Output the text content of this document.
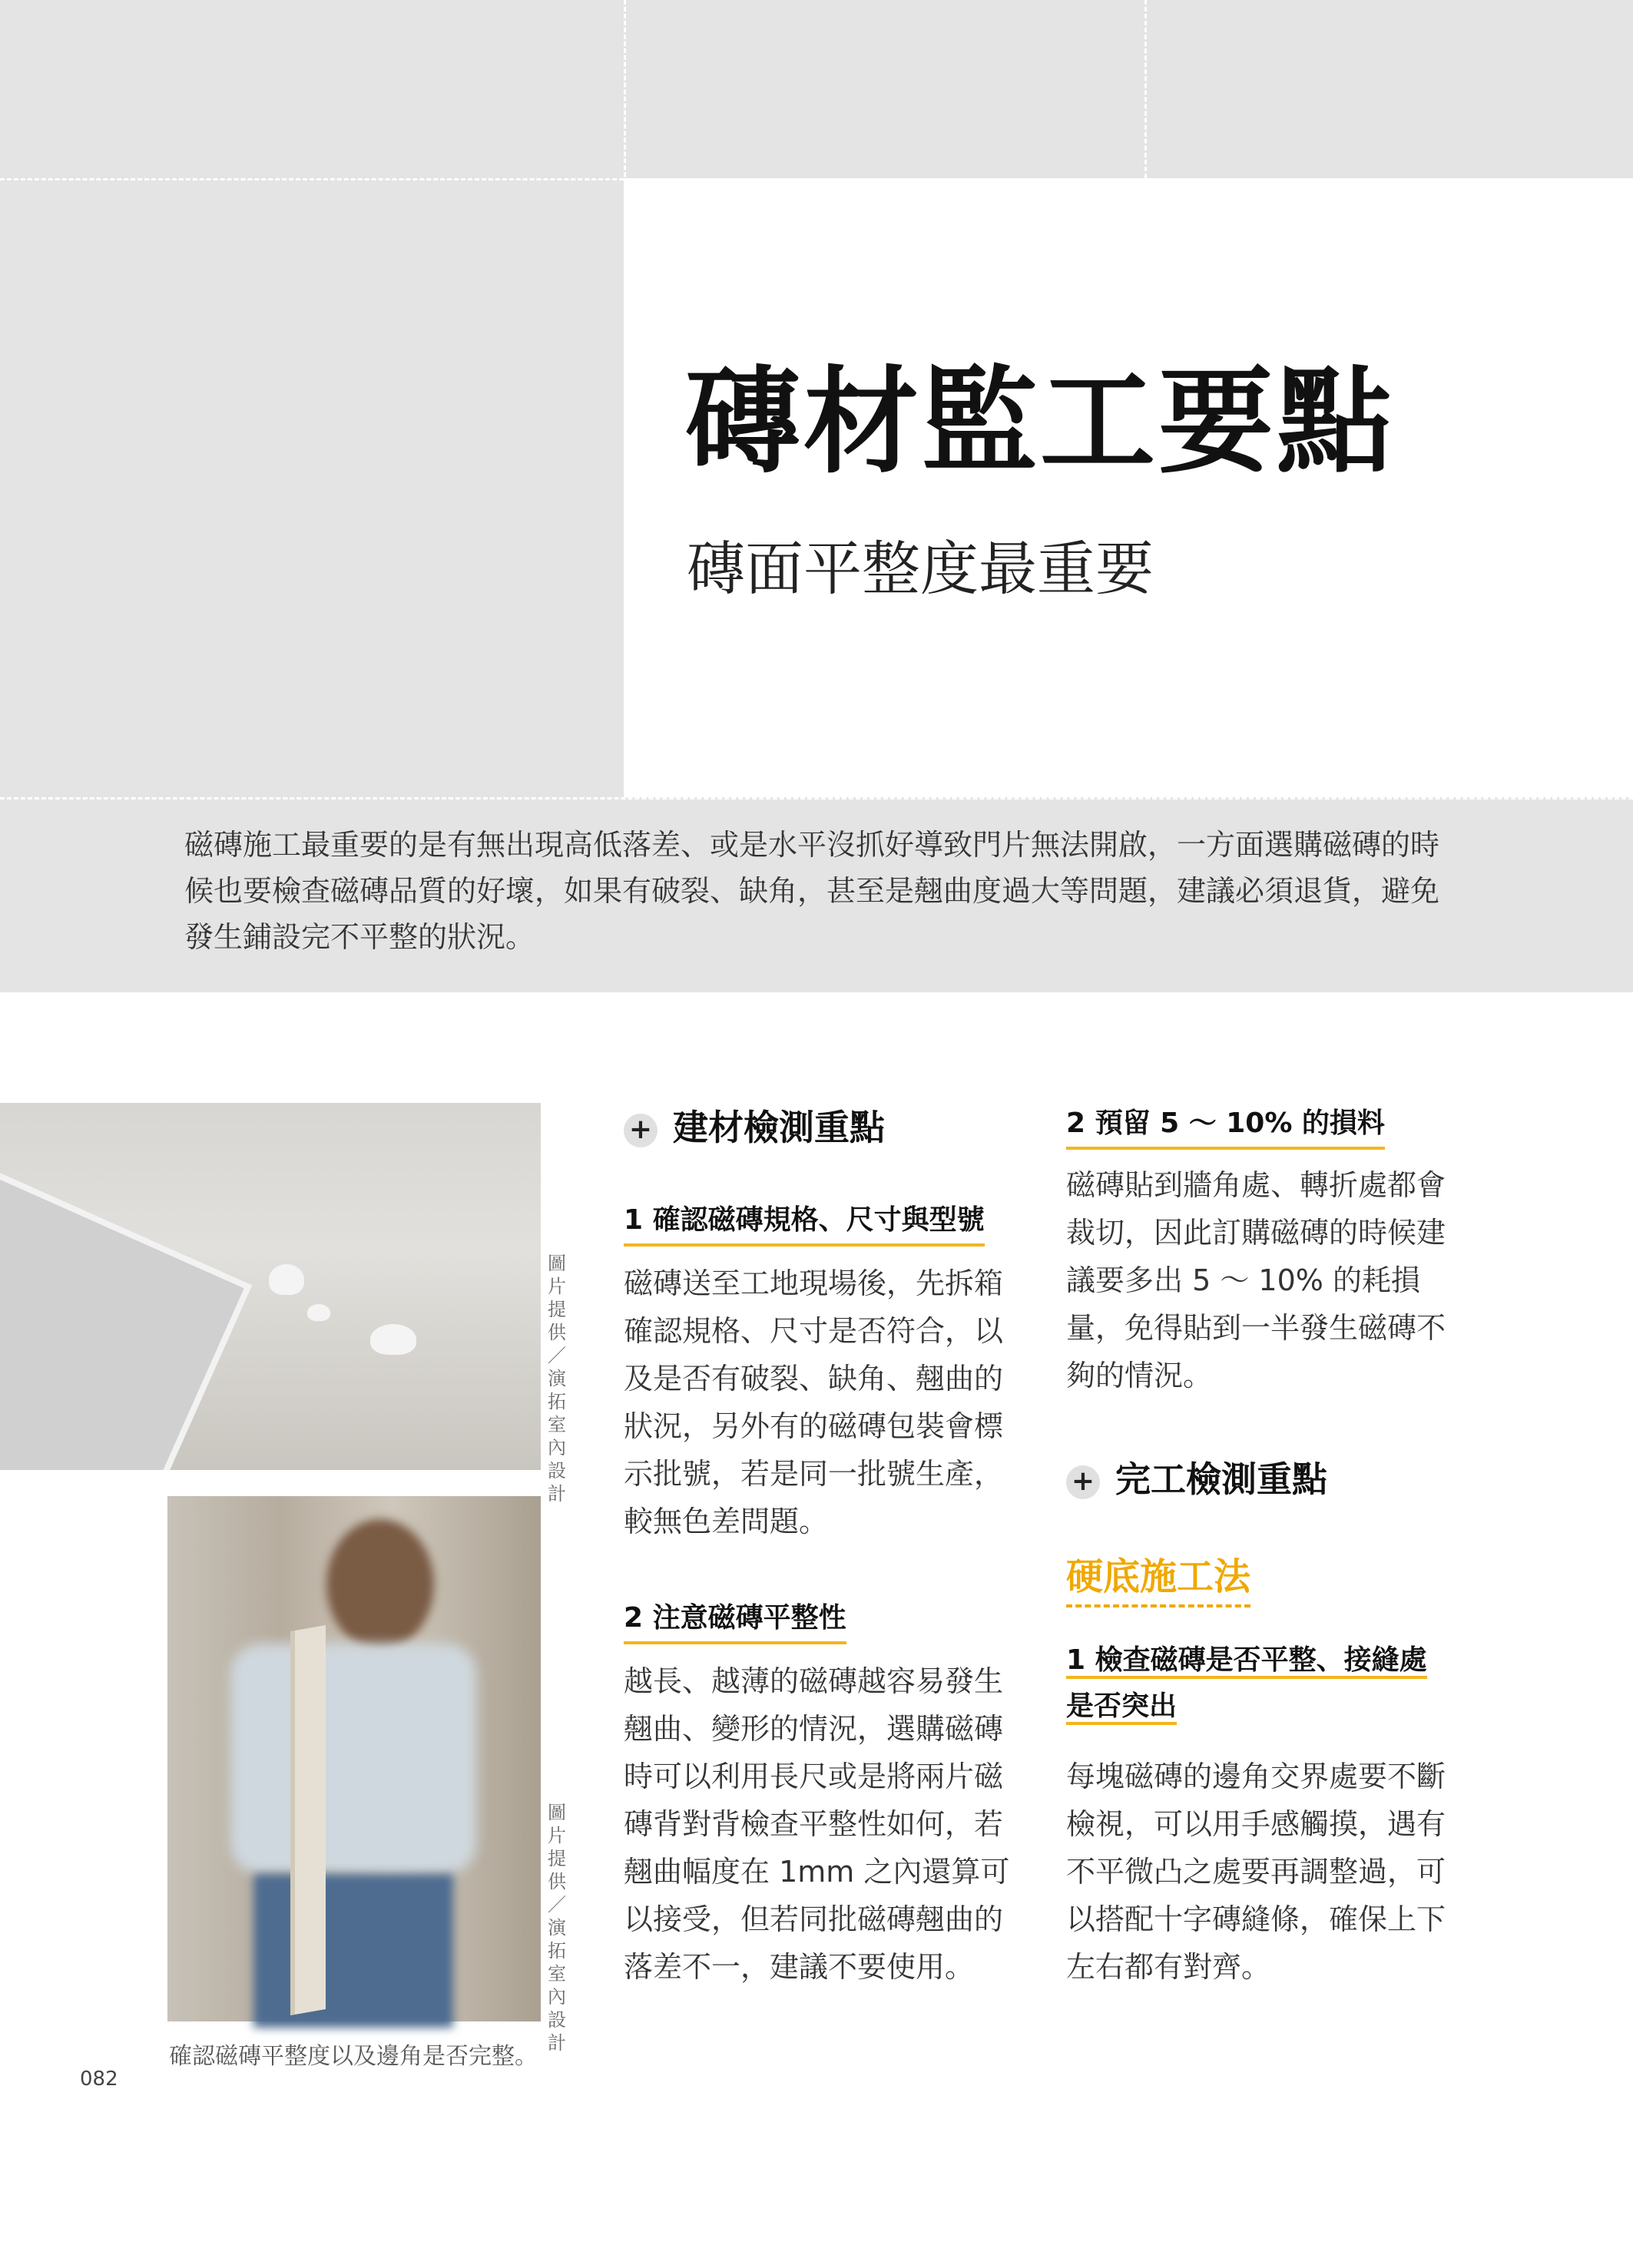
磚材監工要點
磚面平整度最重要
磁磚施工最重要的是有無出現高低落差、或是水平沒抓好導致門片無法開啟，一方面選購磁磚的時候也要檢查磁磚品質的好壞，如果有破裂、缺角，甚至是翹曲度過大等問題，建議必須退貨，避免發生鋪設完不平整的狀況。
圖片提供／演拓室內設計
圖片提供／演拓室內設計
確認磁磚平整度以及邊角是否完整。
082
+ 建材檢測重點
1 確認磁磚規格、尺寸與型號
磁磚送至工地現場後，先拆箱確認規格、尺寸是否符合，以及是否有破裂、缺角、翹曲的狀況，另外有的磁磚包裝會標示批號，若是同一批號生產，較無色差問題。
2 注意磁磚平整性
越長、越薄的磁磚越容易發生翹曲、變形的情況，選購磁磚時可以利用長尺或是將兩片磁磚背對背檢查平整性如何，若翹曲幅度在 1mm 之內還算可以接受，但若同批磁磚翹曲的落差不一，建議不要使用。
2 預留 5 ～ 10% 的損料
磁磚貼到牆角處、轉折處都會裁切，因此訂購磁磚的時候建議要多出 5 ～ 10% 的耗損量，免得貼到一半發生磁磚不夠的情況。
+ 完工檢測重點
硬底施工法
1 檢查磁磚是否平整、接縫處
是否突出
每塊磁磚的邊角交界處要不斷檢視，可以用手感觸摸，遇有不平微凸之處要再調整過，可以搭配十字磚縫條，確保上下左右都有對齊。
